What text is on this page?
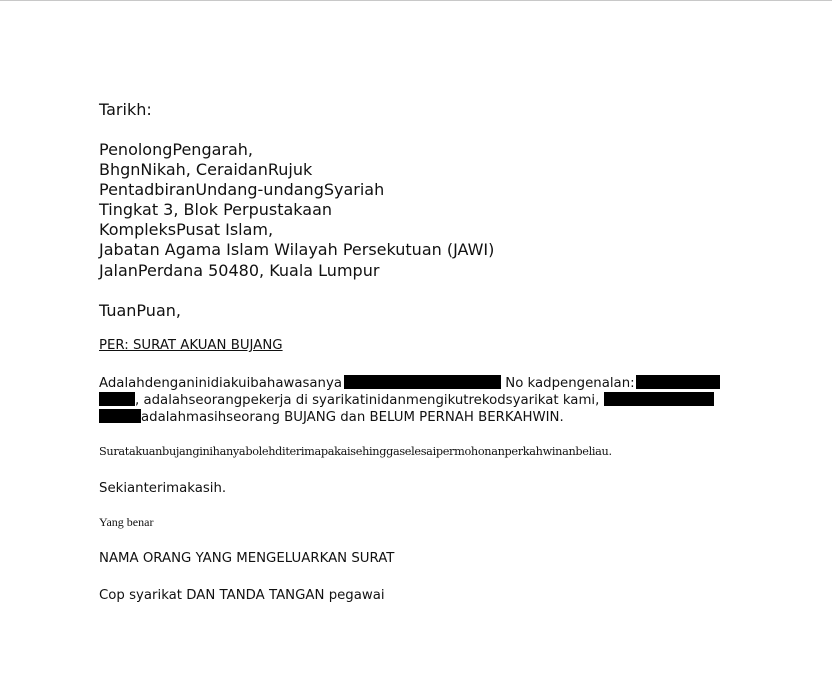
Tarikh:
PenolongPengarah,
BhgnNikah, CeraidanRujuk
PentadbiranUndang-undangSyariah
Tingkat 3, Blok Perpustakaan
KompleksPusat Islam,
Jabatan Agama Islam Wilayah Persekutuan (JAWI)
JalanPerdana 50480, Kuala Lumpur
TuanPuan,
PER: SURAT AKUAN BUJANG
Adalahdenganinidiakuibahawasanya	No kadpengenalan:
, adalahseorangpekerja di syarikatinidanmengikutrekodsyarikat kami,
adalahmasihseorang BUJANG dan BELUM PERNAH BERKAHWIN.
Suratakuanbujanginihanyabolehditerimapakaisehinggaselesaipermohonanperkahwinanbeliau.
Sekianterimakasih.
Yang benar
NAMA ORANG YANG MENGELUARKAN SURAT
Cop syarikat DAN TANDA TANGAN pegawai
